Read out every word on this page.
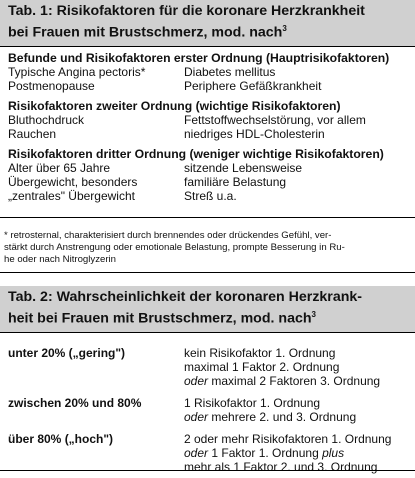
Tab. 1: Risikofaktoren für die koronare Herzkrankheit
bei Frauen mit Brustschmerz, mod. nach$^3$
Befunde und Risikofaktoren erster Ordnung (Hauptrisikofaktoren)
Typische Angina pectoris*	Diabetes mellitus
Postmenopause	Periphere Gefäßkrankheit
Risikofaktoren zweiter Ordnung (wichtige Risikofaktoren)
Bluthochdruck	Fettstoffwechselstörung, vor allem
Rauchen	niedriges HDL-Cholesterin
Risikofaktoren dritter Ordnung (weniger wichtige Risikofaktoren)
Alter über 65 Jahre	sitzende Lebensweise
Übergewicht, besonders	familiäre Belastung
„zentrales" Übergewicht	Streß u.a.
* retrosternal, charakterisiert durch brennendes oder drückendes Gefühl, ver-
stärkt durch Anstrengung oder emotionale Belastung, prompte Besserung in Ru-
he oder nach Nitroglyzerin
Tab. 2: Wahrscheinlichkeit der koronaren Herzkrank-
heit bei Frauen mit Brustschmerz, mod. nach$^3$
unter 20% („gering")	kein Risikofaktor 1. Ordnung
maximal 1 Faktor 2. Ordnung
oder maximal 2 Faktoren 3. Ordnung
zwischen 20% und 80%	1 Risikofaktor 1. Ordnung
oder mehrere 2. und 3. Ordnung
über 80% („hoch")	2 oder mehr Risikofaktoren 1. Ordnung
oder 1 Faktor 1. Ordnung plus
mehr als 1 Faktor 2. und 3. Ordnung
